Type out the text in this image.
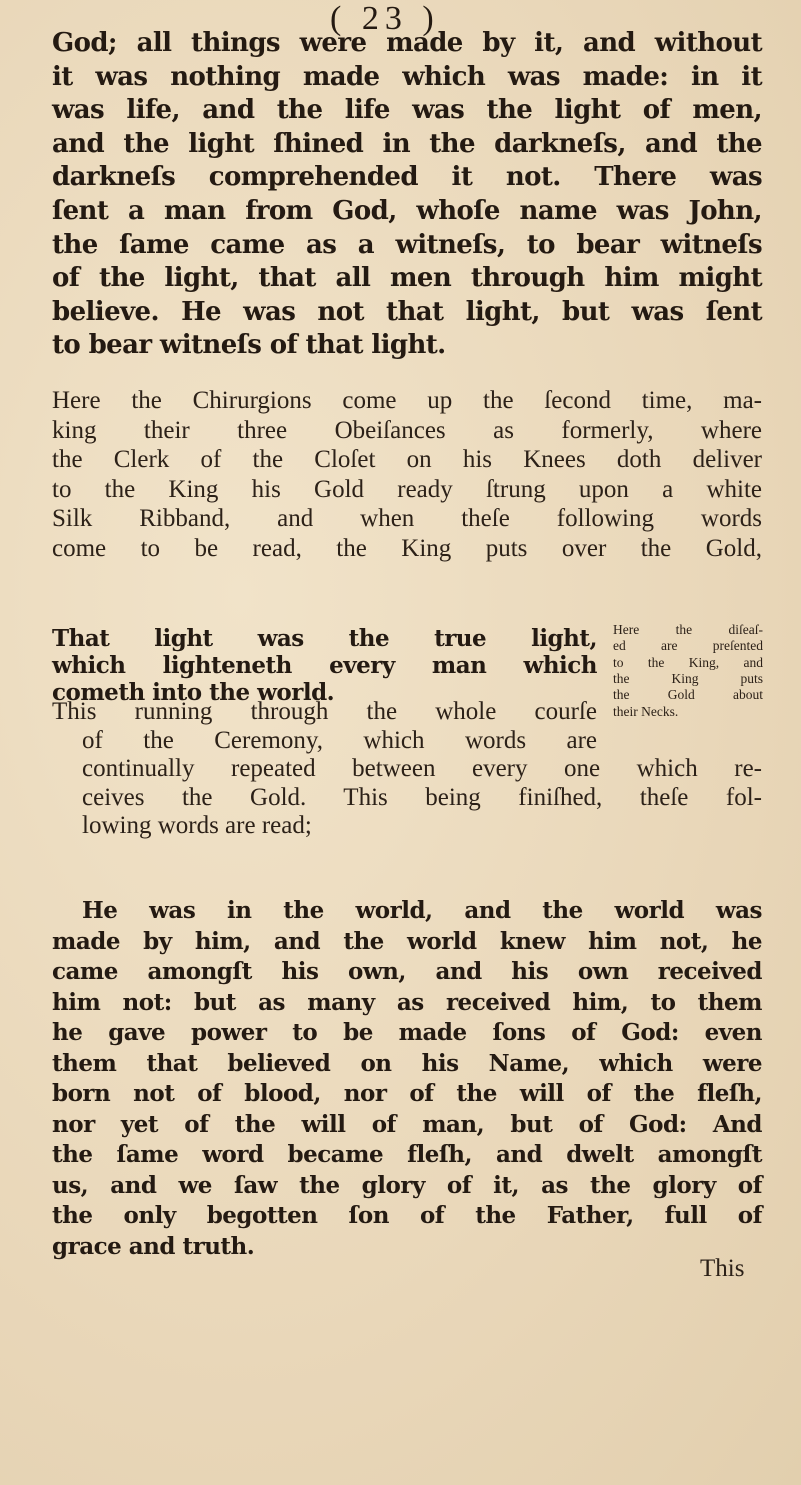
( 23 )
God; all things were made by it, and without
it was nothing made which was made: in it
was life, and the life was the light of men,
and the light ſhined in the darkneſs, and the
darkneſs comprehended it not. There was
ſent a man from God, whoſe name was John,
the ſame came as a witneſs, to bear witneſs
of the light, that all men through him might
believe. He was not that light, but was ſent
to bear witneſs of that light.
Here the Chirurgions come up the ſecond time, ma-
king their three Obeiſances as formerly, where
the Clerk of the Cloſet on his Knees doth deliver
to the King his Gold ready ſtrung upon a white
Silk Ribband, and when theſe following words
come to be read, the King puts over the Gold,
That light was the true light,
which lighteneth every man which
cometh into the world.
Here the diſeaſ-
ed are preſented
to the King, and
the King puts
the Gold about
their Necks.
This running through the whole courſe
of the Ceremony, which words are
continually repeated between every one which re-
ceives the Gold. This being finiſhed, theſe fol-
lowing words are read;
He was in the world, and the world was
made by him, and the world knew him not, he
came amongſt his own, and his own received
him not: but as many as received him, to them
he gave power to be made ſons of God: even
them that believed on his Name, which were
born not of blood, nor of the will of the fleſh,
nor yet of the will of man, but of God: And
the ſame word became fleſh, and dwelt amongſt
us, and we ſaw the glory of it, as the glory of
the only begotten ſon of the Father, full of
grace and truth.
This
